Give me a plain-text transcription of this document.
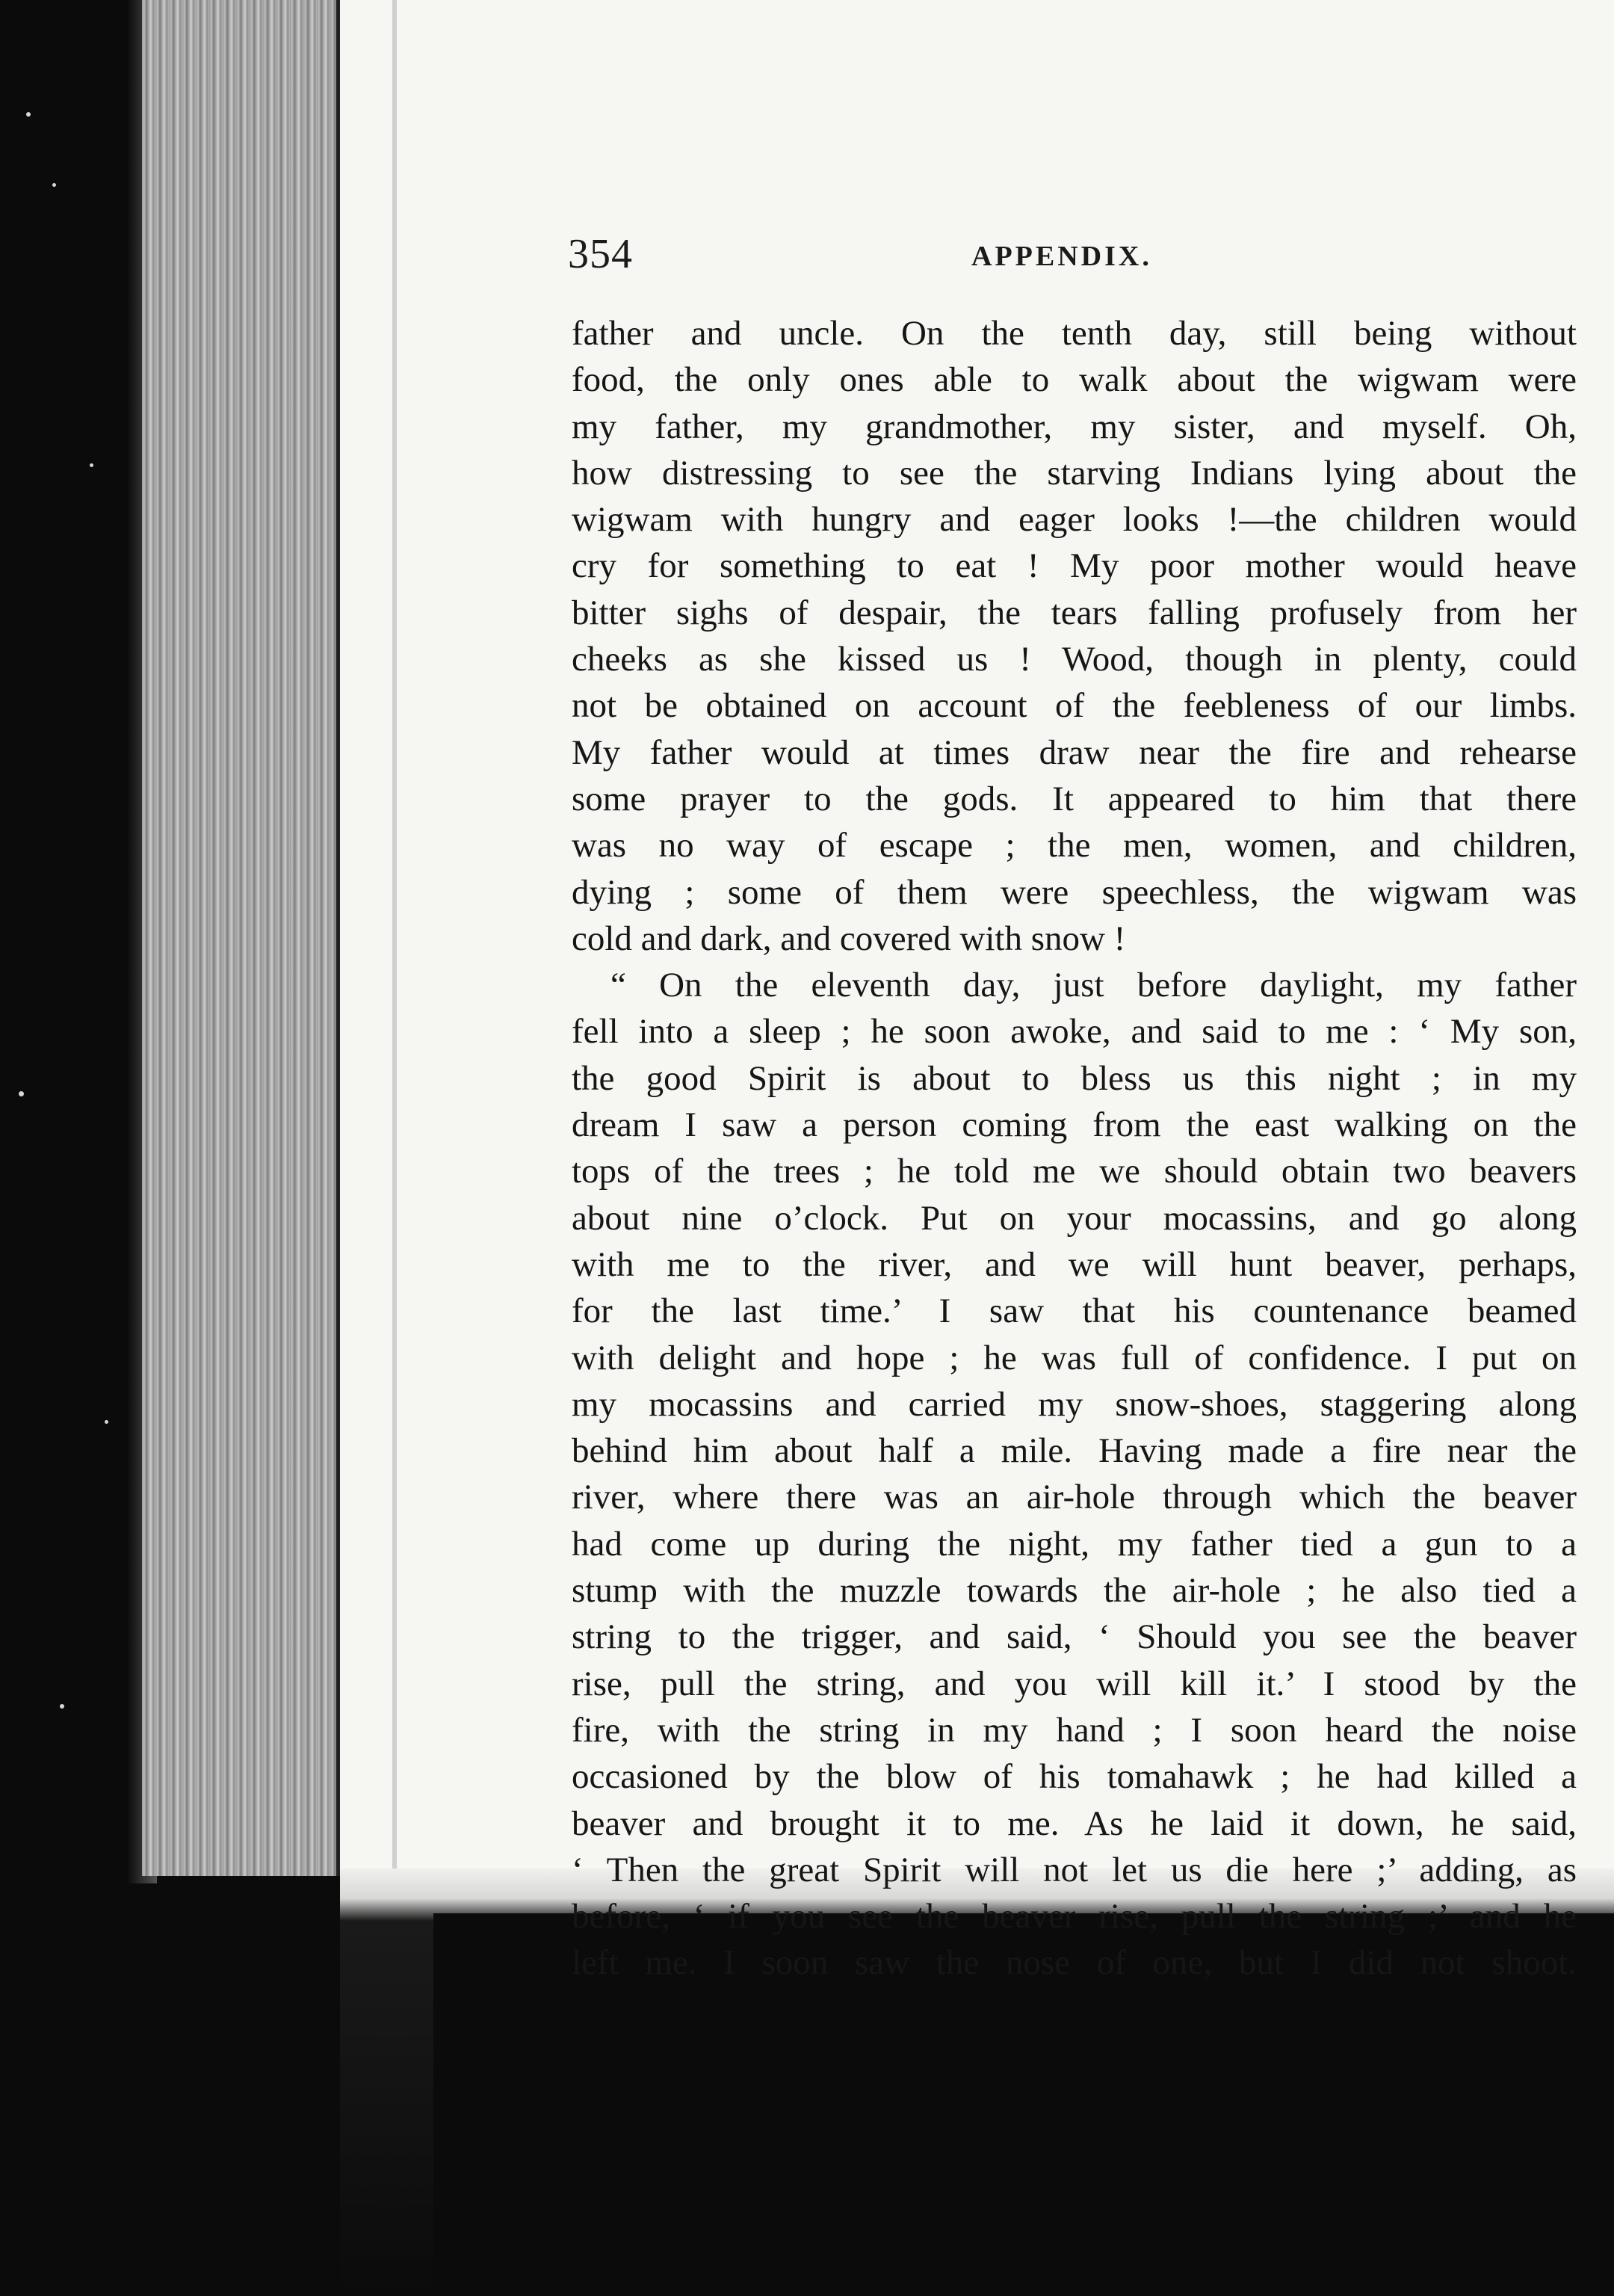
354	APPENDIX.
father and uncle. On the tenth day, still being without
food, the only ones able to walk about the wigwam were
my father, my grandmother, my sister, and myself. Oh,
how distressing to see the starving Indians lying about the
wigwam with hungry and eager looks !—the children would
cry for something to eat ! My poor mother would heave
bitter sighs of despair, the tears falling profusely from her
cheeks as she kissed us ! Wood, though in plenty, could
not be obtained on account of the feebleness of our limbs.
My father would at times draw near the fire and rehearse
some prayer to the gods. It appeared to him that there
was no way of escape ; the men, women, and children,
dying ; some of them were speechless, the wigwam was
cold and dark, and covered with snow !
“ On the eleventh day, just before daylight, my father
fell into a sleep ; he soon awoke, and said to me : ‘ My son,
the good Spirit is about to bless us this night ; in my
dream I saw a person coming from the east walking on the
tops of the trees ; he told me we should obtain two beavers
about nine o’clock. Put on your mocassins, and go along
with me to the river, and we will hunt beaver, perhaps,
for the last time.’ I saw that his countenance beamed
with delight and hope ; he was full of confidence. I put on
my mocassins and carried my snow-shoes, staggering along
behind him about half a mile. Having made a fire near the
river, where there was an air-hole through which the beaver
had come up during the night, my father tied a gun to a
stump with the muzzle towards the air-hole ; he also tied a
string to the trigger, and said, ‘ Should you see the beaver
rise, pull the string, and you will kill it.’ I stood by the
fire, with the string in my hand ; I soon heard the noise
occasioned by the blow of his tomahawk ; he had killed a
beaver and brought it to me. As he laid it down, he said,
‘ Then the great Spirit will not let us die here ;’ adding, as
before, ‘ if you see the beaver rise, pull the string ;’ and he
left me. I soon saw the nose of one, but I did not shoot.
